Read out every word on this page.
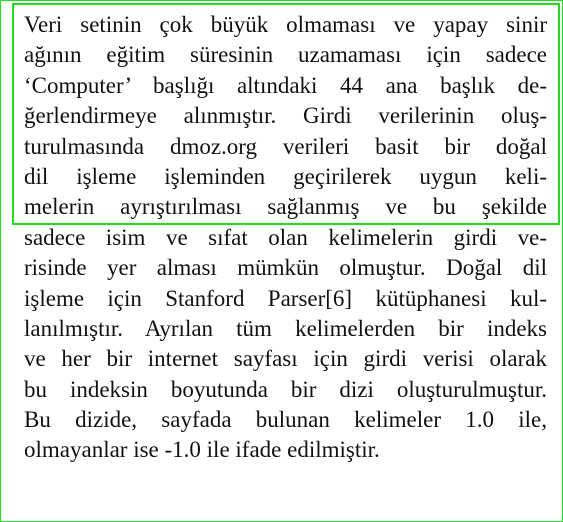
Veri setinin çok büyük olmaması ve yapay sinir
ağının eğitim süresinin uzamaması için sadece
‘Computer’ başlığı altındaki 44 ana başlık de-
ğerlendirmeye alınmıştır. Girdi verilerinin oluş-
turulmasında dmoz.org verileri basit bir doğal
dil işleme işleminden geçirilerek uygun keli-
melerin ayrıştırılması sağlanmış ve bu şekilde
sadece isim ve sıfat olan kelimelerin girdi ve-
risinde yer alması mümkün olmuştur. Doğal dil
işleme için Stanford Parser[6] kütüphanesi kul-
lanılmıştır. Ayrılan tüm kelimelerden bir indeks
ve her bir internet sayfası için girdi verisi olarak
bu indeksin boyutunda bir dizi oluşturulmuştur.
Bu dizide, sayfada bulunan kelimeler 1.0 ile,
olmayanlar ise -1.0 ile ifade edilmiştir.
